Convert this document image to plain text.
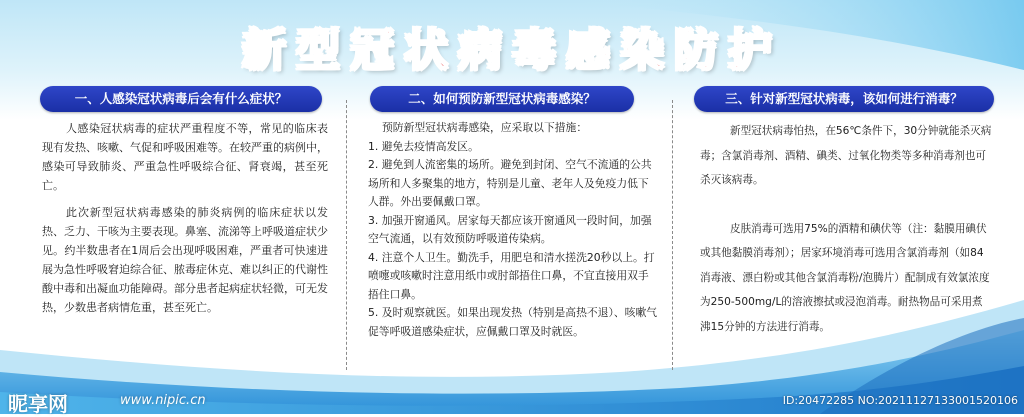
新型冠状病毒感染防护
一、人感染冠状病毒后会有什么症状？	二、如何预防新型冠状病毒感染？	三、针对新型冠状病毒，该如何进行消毒？

人感染冠状病毒的症状严重程度不等，常见的临床表现有发热、咳嗽、气促和呼吸困难等。在较严重的病例中，感染可导致肺炎、严重急性呼吸综合征、肾衰竭，甚至死亡。

此次新型冠状病毒感染的肺炎病例的临床症状以发热、乏力、干咳为主要表现。鼻塞、流涕等上呼吸道症状少见。约半数患者在1周后会出现呼吸困难，严重者可快速进展为急性呼吸窘迫综合征、脓毒症休克、难以纠正的代谢性酸中毒和出凝血功能障碍。部分患者起病症状轻微，可无发热，少数患者病情危重，甚至死亡。

预防新型冠状病毒感染，应采取以下措施：

1. 避免去疫情高发区。

2. 避免到人流密集的场所。避免到封闭、空气不流通的公共场所和人多聚集的地方，特别是儿童、老年人及免疫力低下人群。外出要佩戴口罩。

3. 加强开窗通风。居家每天都应该开窗通风一段时间，加强空气流通，以有效预防呼吸道传染病。

4. 注意个人卫生。勤洗手，用肥皂和清水搓洗20秒以上。打喷嚏或咳嗽时注意用纸巾或肘部捂住口鼻，不宜直接用双手捂住口鼻。

5. 及时观察就医。如果出现发热（特别是高热不退）、咳嗽气促等呼吸道感染症状，应佩戴口罩及时就医。

新型冠状病毒怕热，在56℃条件下，30分钟就能杀灭病毒；含氯消毒剂、酒精、碘类、过氧化物类等多种消毒剂也可杀灭该病毒。

皮肤消毒可选用75%的酒精和碘伏等（注：黏膜用碘伏或其他黏膜消毒剂）；居家环境消毒可选用含氯消毒剂（如84消毒液、漂白粉或其他含氯消毒粉/泡腾片）配制成有效氯浓度为250-500mg/L的溶液擦拭或浸泡消毒。耐热物品可采用煮沸15分钟的方法进行消毒。

昵享网	www.nipic.cn	ID:20472285 NO:20211127133001520106
